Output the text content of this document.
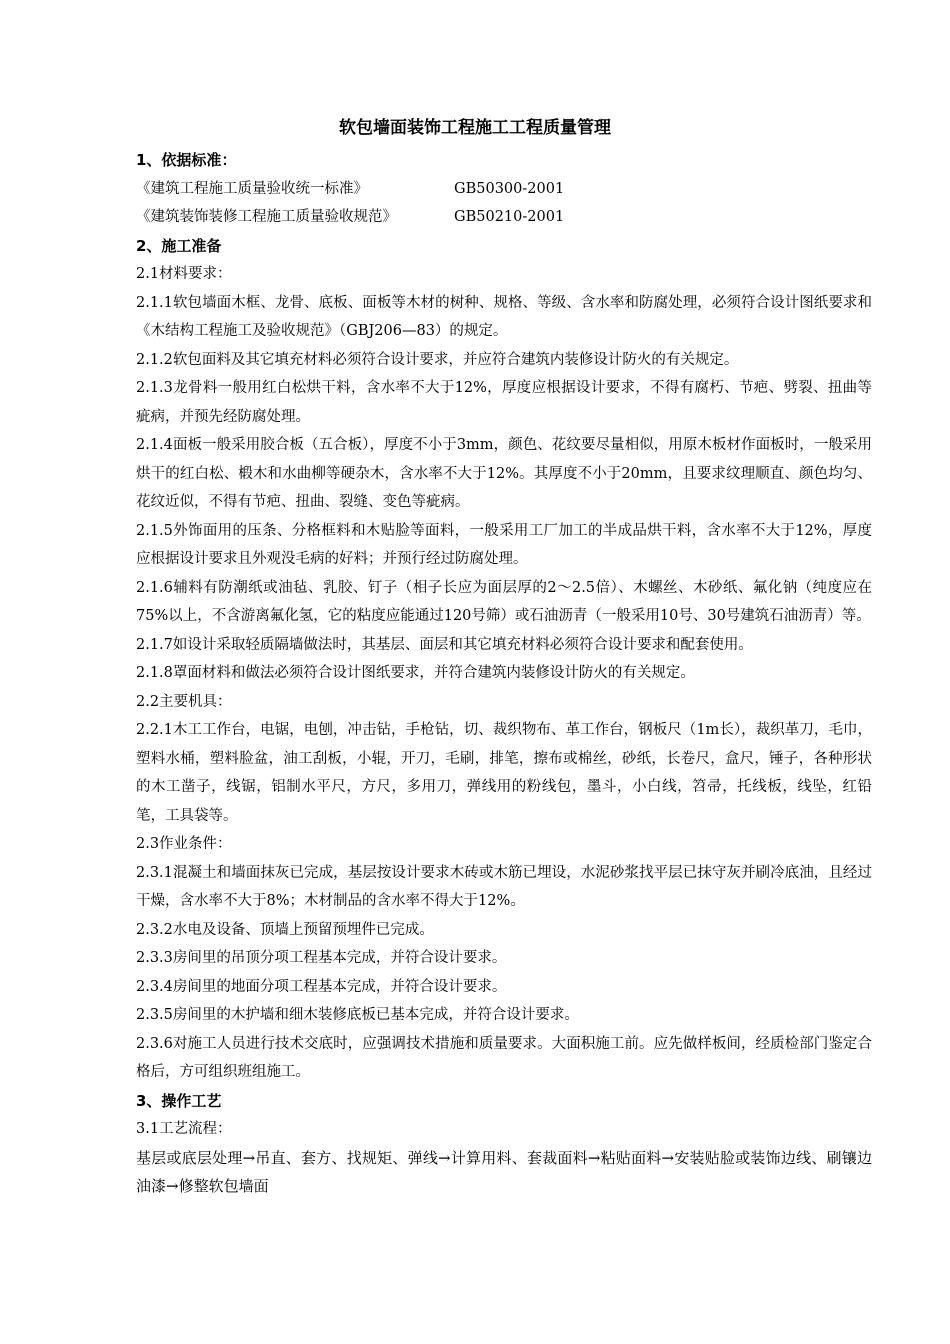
软包墙面装饰工程施工工程质量管理

1、依据标准：

《建筑工程施工质量验收统一标准》	GB50300-2001
《建筑装饰装修工程施工质量验收规范》	GB50210-2001

2、施工准备

2.1材料要求：

2.1.1软包墙面木框、龙骨、底板、面板等木材的树种、规格、等级、含水率和防腐处理，必须符合设计图纸要求和《木结构工程施工及验收规范》（GBJ206—83）的规定。

2.1.2软包面料及其它填充材料必须符合设计要求，并应符合建筑内装修设计防火的有关规定。

2.1.3龙骨料一般用红白松烘干料，含水率不大于12%，厚度应根据设计要求，不得有腐朽、节疤、劈裂、扭曲等疵病，并预先经防腐处理。

2.1.4面板一般采用胶合板（五合板），厚度不小于3mm，颜色、花纹要尽量相似，用原木板材作面板时，一般采用烘干的红白松、椴木和水曲柳等硬杂木，含水率不大于12%。其厚度不小于20mm，且要求纹理顺直、颜色均匀、花纹近似，不得有节疤、扭曲、裂缝、变色等疵病。

2.1.5外饰面用的压条、分格框料和木贴脸等面料，一般采用工厂加工的半成品烘干料，含水率不大于12%，厚度应根据设计要求且外观没毛病的好料；并预行经过防腐处理。

2.1.6辅料有防潮纸或油毡、乳胶、钉子（相子长应为面层厚的2～2.5倍）、木螺丝、木砂纸、氟化钠（纯度应在75%以上，不含游离氟化氢，它的粘度应能通过120号筛）或石油沥青（一般采用10号、30号建筑石油沥青）等。

2.1.7如设计采取轻质隔墙做法时，其基层、面层和其它填充材料必须符合设计要求和配套使用。

2.1.8罩面材料和做法必须符合设计图纸要求，并符合建筑内装修设计防火的有关规定。

2.2主要机具：

2.2.1木工工作台，电锯，电刨，冲击钻，手枪钻，切、裁织物布、革工作台，钢板尺（1m长），裁织革刀，毛巾，塑料水桶，塑料脸盆，油工刮板，小辊，开刀，毛刷，排笔，擦布或棉丝，砂纸，长卷尺，盒尺，锤子，各种形状的木工凿子，线锯，铝制水平尺，方尺，多用刀，弹线用的粉线包，墨斗，小白线，笤帚，托线板，线坠，红铅笔，工具袋等。

2.3作业条件：

2.3.1混凝土和墙面抹灰已完成，基层按设计要求木砖或木筋已埋设，水泥砂浆找平层已抹守灰并刷冷底油，且经过干燥，含水率不大于8%；木材制品的含水率不得大于12%。

2.3.2水电及设备、顶墙上预留预埋件已完成。

2.3.3房间里的吊顶分项工程基本完成，并符合设计要求。

2.3.4房间里的地面分项工程基本完成，并符合设计要求。

2.3.5房间里的木护墙和细木装修底板已基本完成，并符合设计要求。

2.3.6对施工人员进行技术交底时，应强调技术措施和质量要求。大面积施工前。应先做样板间，经质检部门鉴定合格后，方可组织班组施工。

3、操作工艺

3.1工艺流程：

基层或底层处理→吊直、套方、找规矩、弹线→计算用料、套裁面料→粘贴面料→安装贴脸或装饰边线、刷镶边油漆→修整软包墙面
